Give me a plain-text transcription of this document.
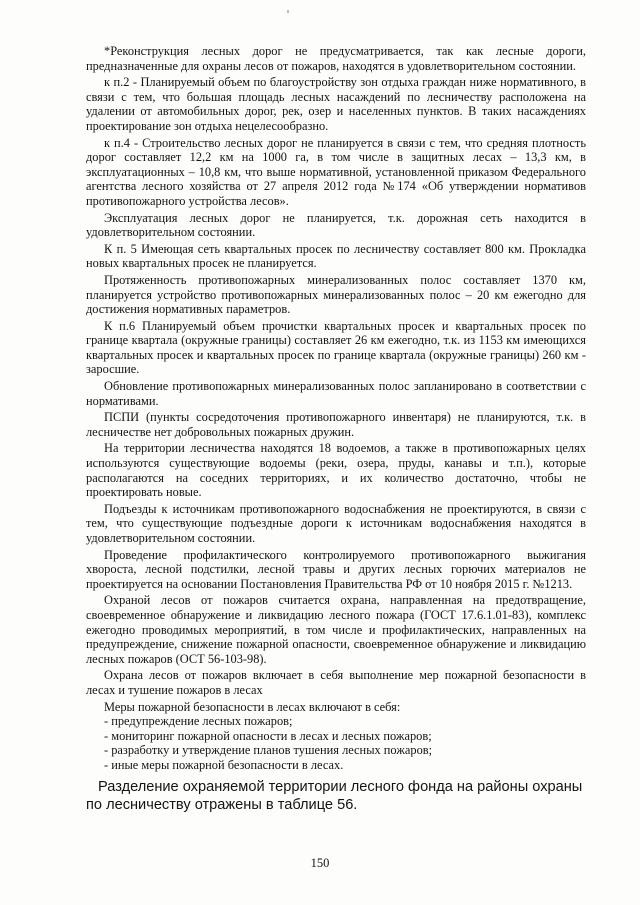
*Реконструкция лесных дорог не предусматривается, так как лесные дороги, предназначенные для охраны лесов от пожаров, находятся в удовлетворительном состоянии.

к п.2 - Планируемый объем по благоустройству зон отдыха граждан ниже нормативного, в связи с тем, что большая площадь лесных насаждений по лесничеству расположена на удалении от автомобильных дорог, рек, озер и населенных пунктов. В таких насаждениях проектирование зон отдыха нецелесообразно.

к п.4 - Строительство лесных дорог не планируется в связи с тем, что средняя плотность дорог составляет 12,2 км на 1000 га, в том числе в защитных лесах – 13,3 км, в эксплуатационных – 10,8 км, что выше нормативной, установленной приказом Федерального агентства лесного хозяйства от 27 апреля 2012 года №174 «Об утверждении нормативов противопожарного устройства лесов».

Эксплуатация лесных дорог не планируется, т.к. дорожная сеть находится в удовлетворительном состоянии.

К п. 5 Имеющая сеть квартальных просек по лесничеству составляет 800 км. Прокладка новых квартальных просек не планируется.

Протяженность противопожарных минерализованных полос составляет 1370 км, планируется устройство противопожарных минерализованных полос – 20 км ежегодно для достижения нормативных параметров.

К п.6 Планируемый объем прочистки квартальных просек и квартальных просек по границе квартала (окружные границы) составляет 26 км ежегодно, т.к. из 1153 км имеющихся квартальных просек и квартальных просек по границе квартала (окружные границы) 260 км - заросшие.

Обновление противопожарных минерализованных полос запланировано в соответствии с нормативами.

ПСПИ (пункты сосредоточения противопожарного инвентаря) не планируются, т.к. в лесничестве нет добровольных пожарных дружин.

На территории лесничества находятся 18 водоемов, а также в противопожарных целях используются существующие водоемы (реки, озера, пруды, канавы и т.п.), которые располагаются на соседних территориях, и их количество достаточно, чтобы не проектировать новые.

Подъезды к источникам противопожарного водоснабжения не проектируются, в связи с тем, что существующие подъездные дороги к источникам водоснабжения находятся в удовлетворительном состоянии.

Проведение профилактического контролируемого противопожарного выжигания хвороста, лесной подстилки, лесной травы и других лесных горючих материалов не проектируется на основании Постановления Правительства РФ от 10 ноября 2015 г. №1213.

Охраной лесов от пожаров считается охрана, направленная на предотвращение, своевременное обнаружение и ликвидацию лесного пожара (ГОСТ 17.6.1.01-83), комплекс ежегодно проводимых мероприятий, в том числе и профилактических, направленных на предупреждение, снижение пожарной опасности, своевременное обнаружение и ликвидацию лесных пожаров (ОСТ 56-103-98).

Охрана лесов от пожаров включает в себя выполнение мер пожарной безопасности в лесах и тушение пожаров в лесах

Меры пожарной безопасности в лесах включают в себя:

- предупреждение лесных пожаров;
- мониторинг пожарной опасности в лесах и лесных пожаров;
- разработку и утверждение планов тушения лесных пожаров;
- иные меры пожарной безопасности в лесах.

Разделение охраняемой территории лесного фонда на районы охраны по лесничеству отражены в таблице 56.

150
